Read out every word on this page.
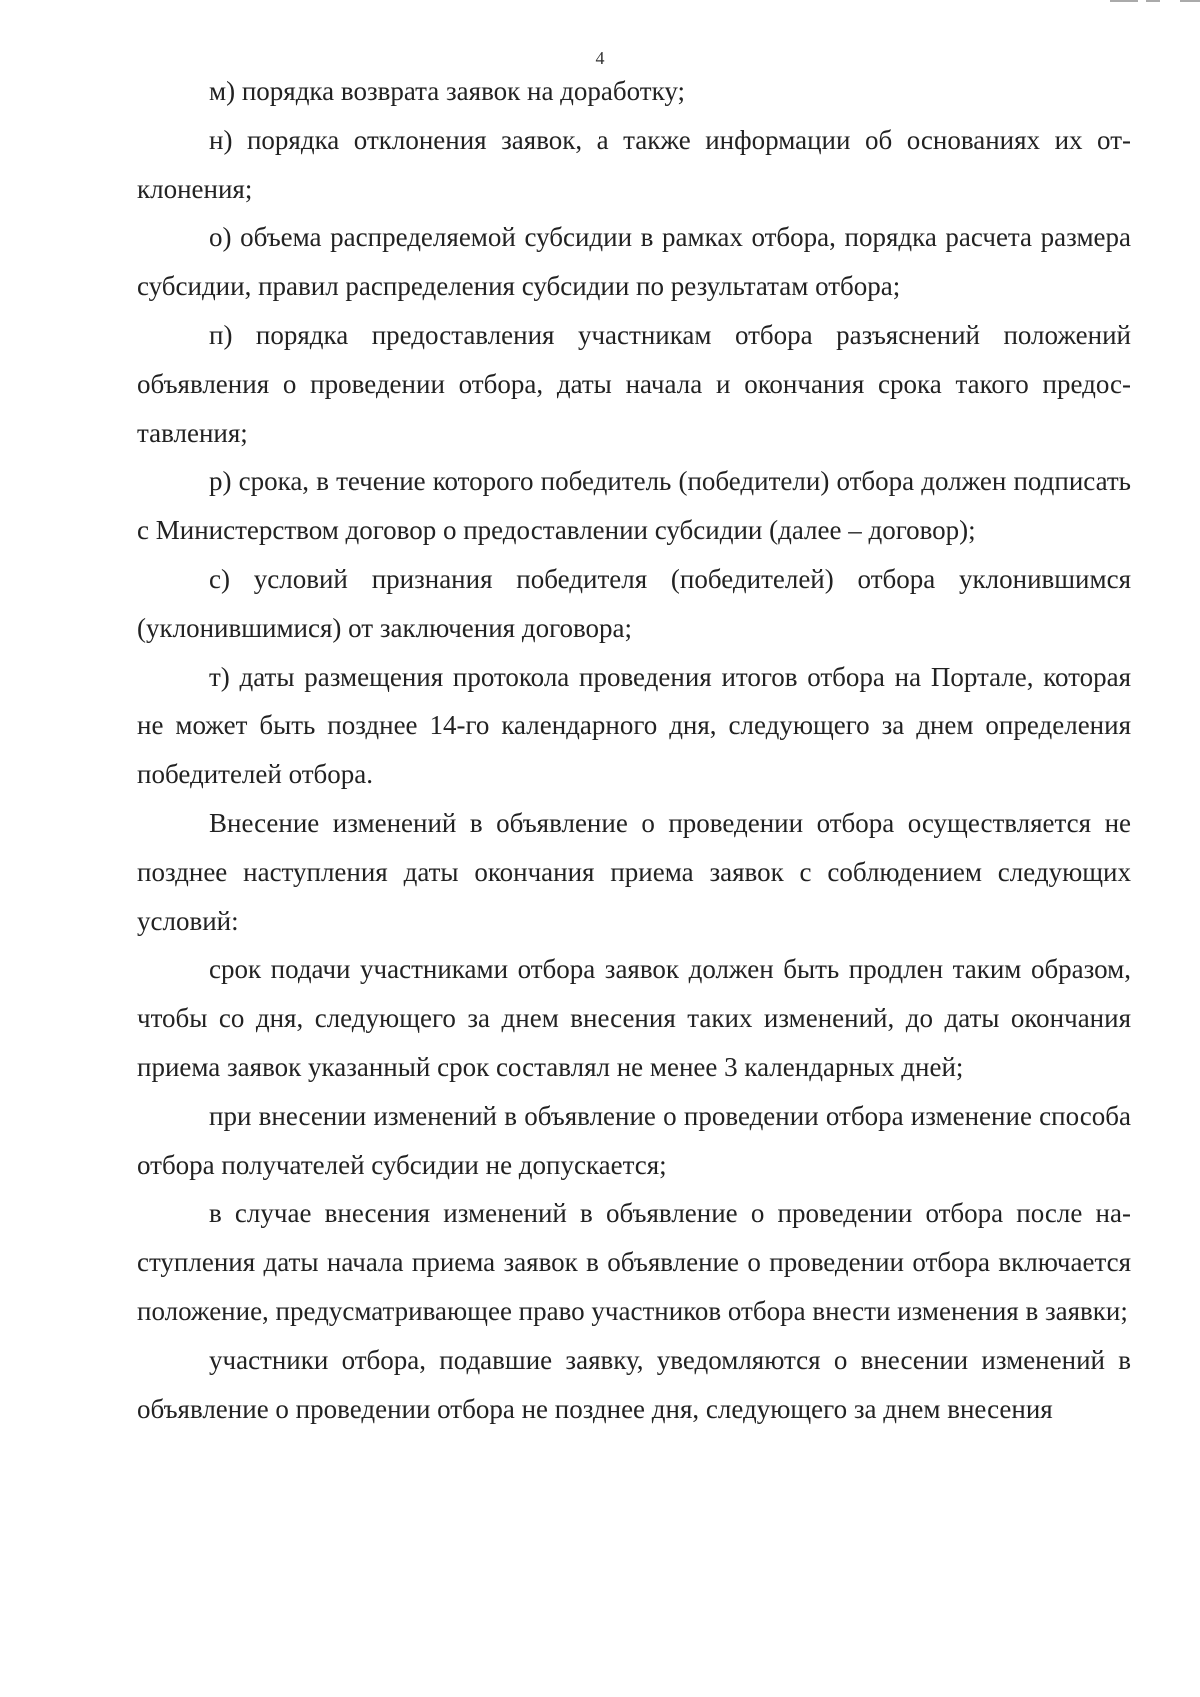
4

м) порядка возврата заявок на доработку;

н) порядка отклонения заявок, а также информации об основаниях их отклонения;

о) объема распределяемой субсидии в рамках отбора, порядка расчета размера субсидии, правил распределения субсидии по результатам отбора;

п) порядка предоставления участникам отбора разъяснений положений объявления о проведении отбора, даты начала и окончания срока такого предоставления;

р) срока, в течение которого победитель (победители) отбора должен подписать с Министерством договор о предоставлении субсидии (далее – договор);

с) условий признания победителя (победителей) отбора уклонившимся (уклонившимися) от заключения договора;

т) даты размещения протокола проведения итогов отбора на Портале, которая не может быть позднее 14-го календарного дня, следующего за днем определения победителей отбора.

Внесение изменений в объявление о проведении отбора осуществляется не позднее наступления даты окончания приема заявок с соблюдением следующих условий:

срок подачи участниками отбора заявок должен быть продлен таким образом, чтобы со дня, следующего за днем внесения таких изменений, до даты окончания приема заявок указанный срок составлял не менее 3 календарных дней;

при внесении изменений в объявление о проведении отбора изменение способа отбора получателей субсидии не допускается;

в случае внесения изменений в объявление о проведении отбора после наступления даты начала приема заявок в объявление о проведении отбора включается положение, предусматривающее право участников отбора внести изменения в заявки;

участники отбора, подавшие заявку, уведомляются о внесении изменений в объявление о проведении отбора не позднее дня, следующего за днем внесения
